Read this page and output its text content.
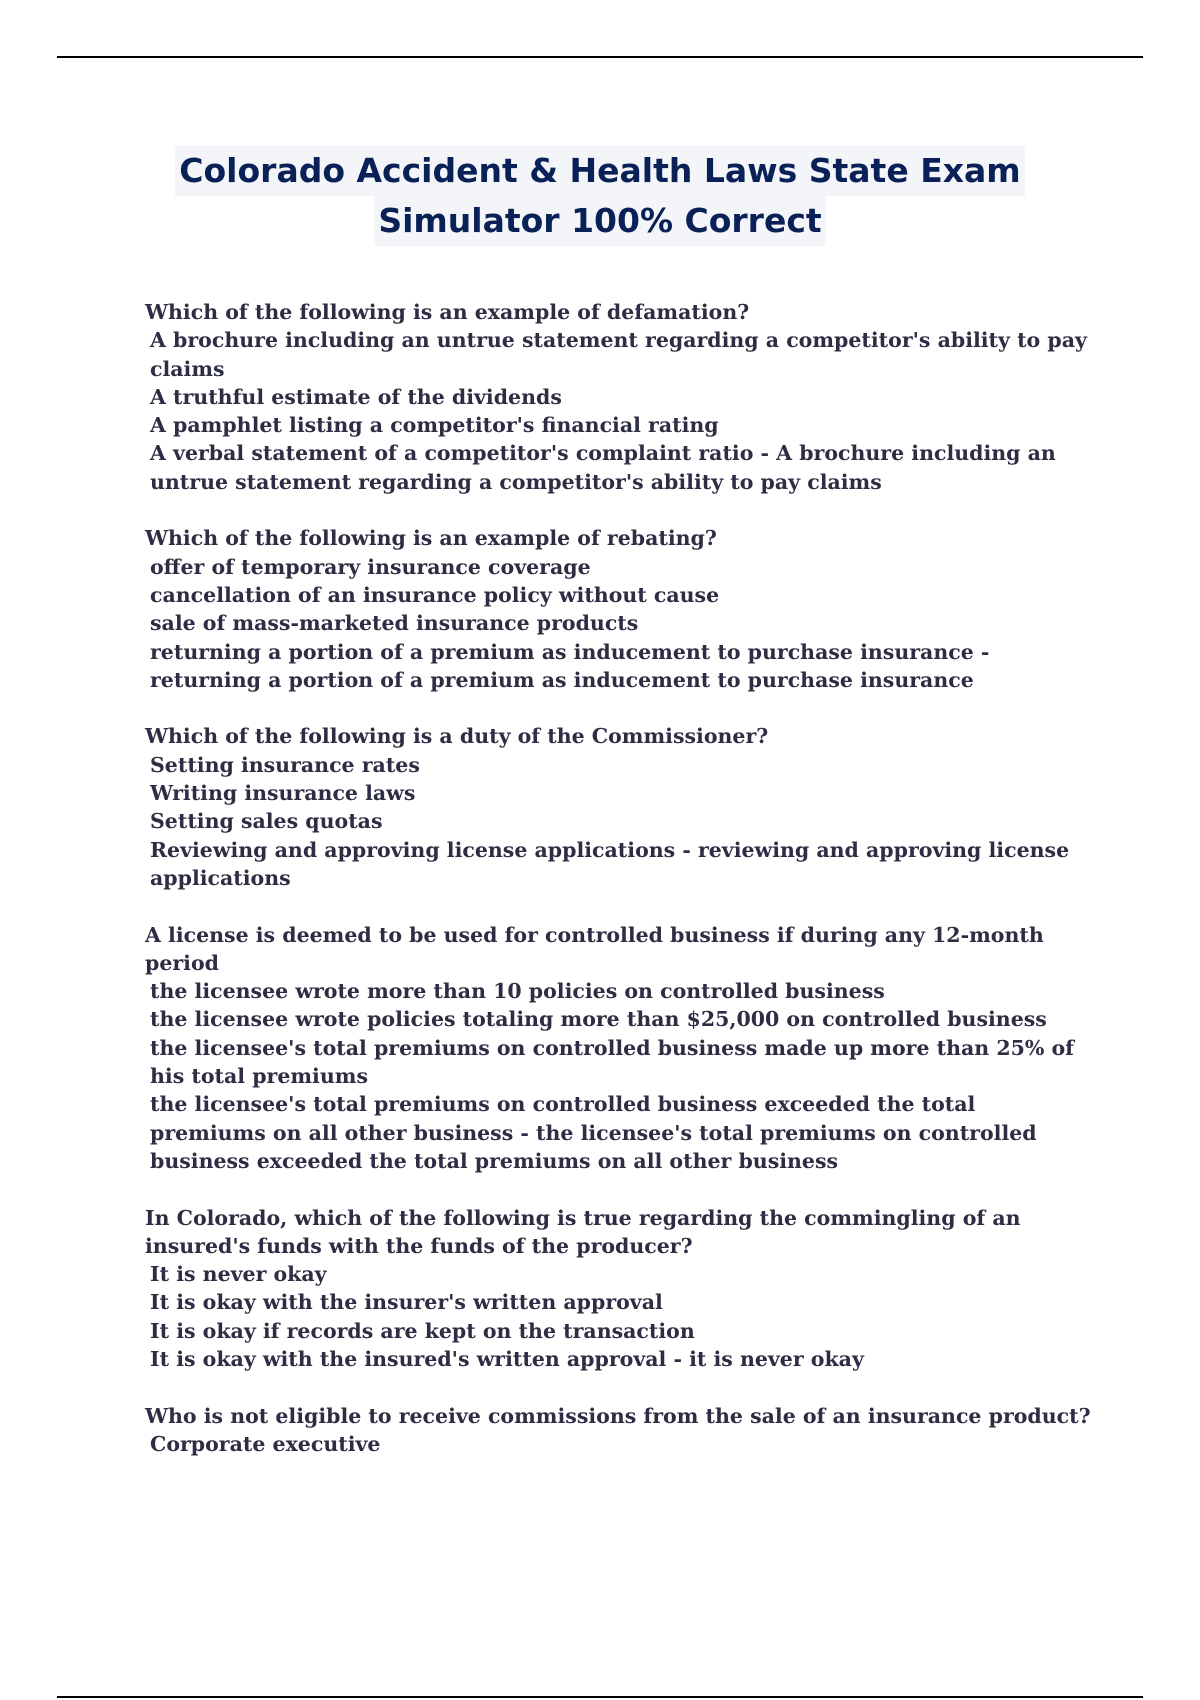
Colorado Accident & Health Laws State Exam
Simulator 100% Correct

Which of the following is an example of defamation?

A brochure including an untrue statement regarding a competitor's ability to pay claims

A truthful estimate of the dividends

A pamphlet listing a competitor's financial rating

A verbal statement of a competitor's complaint ratio - A brochure including an untrue statement regarding a competitor's ability to pay claims

Which of the following is an example of rebating?

offer of temporary insurance coverage

cancellation of an insurance policy without cause

sale of mass-marketed insurance products

returning a portion of a premium as inducement to purchase insurance - returning a portion of a premium as inducement to purchase insurance

Which of the following is a duty of the Commissioner?

Setting insurance rates

Writing insurance laws

Setting sales quotas

Reviewing and approving license applications - reviewing and approving license applications

A license is deemed to be used for controlled business if during any 12-month period

the licensee wrote more than 10 policies on controlled business

the licensee wrote policies totaling more than $25,000 on controlled business

the licensee's total premiums on controlled business made up more than 25% of his total premiums

the licensee's total premiums on controlled business exceeded the total premiums on all other business - the licensee's total premiums on controlled business exceeded the total premiums on all other business

In Colorado, which of the following is true regarding the commingling of an insured's funds with the funds of the producer?

It is never okay

It is okay with the insurer's written approval

It is okay if records are kept on the transaction

It is okay with the insured's written approval - it is never okay

Who is not eligible to receive commissions from the sale of an insurance product?

Corporate executive
